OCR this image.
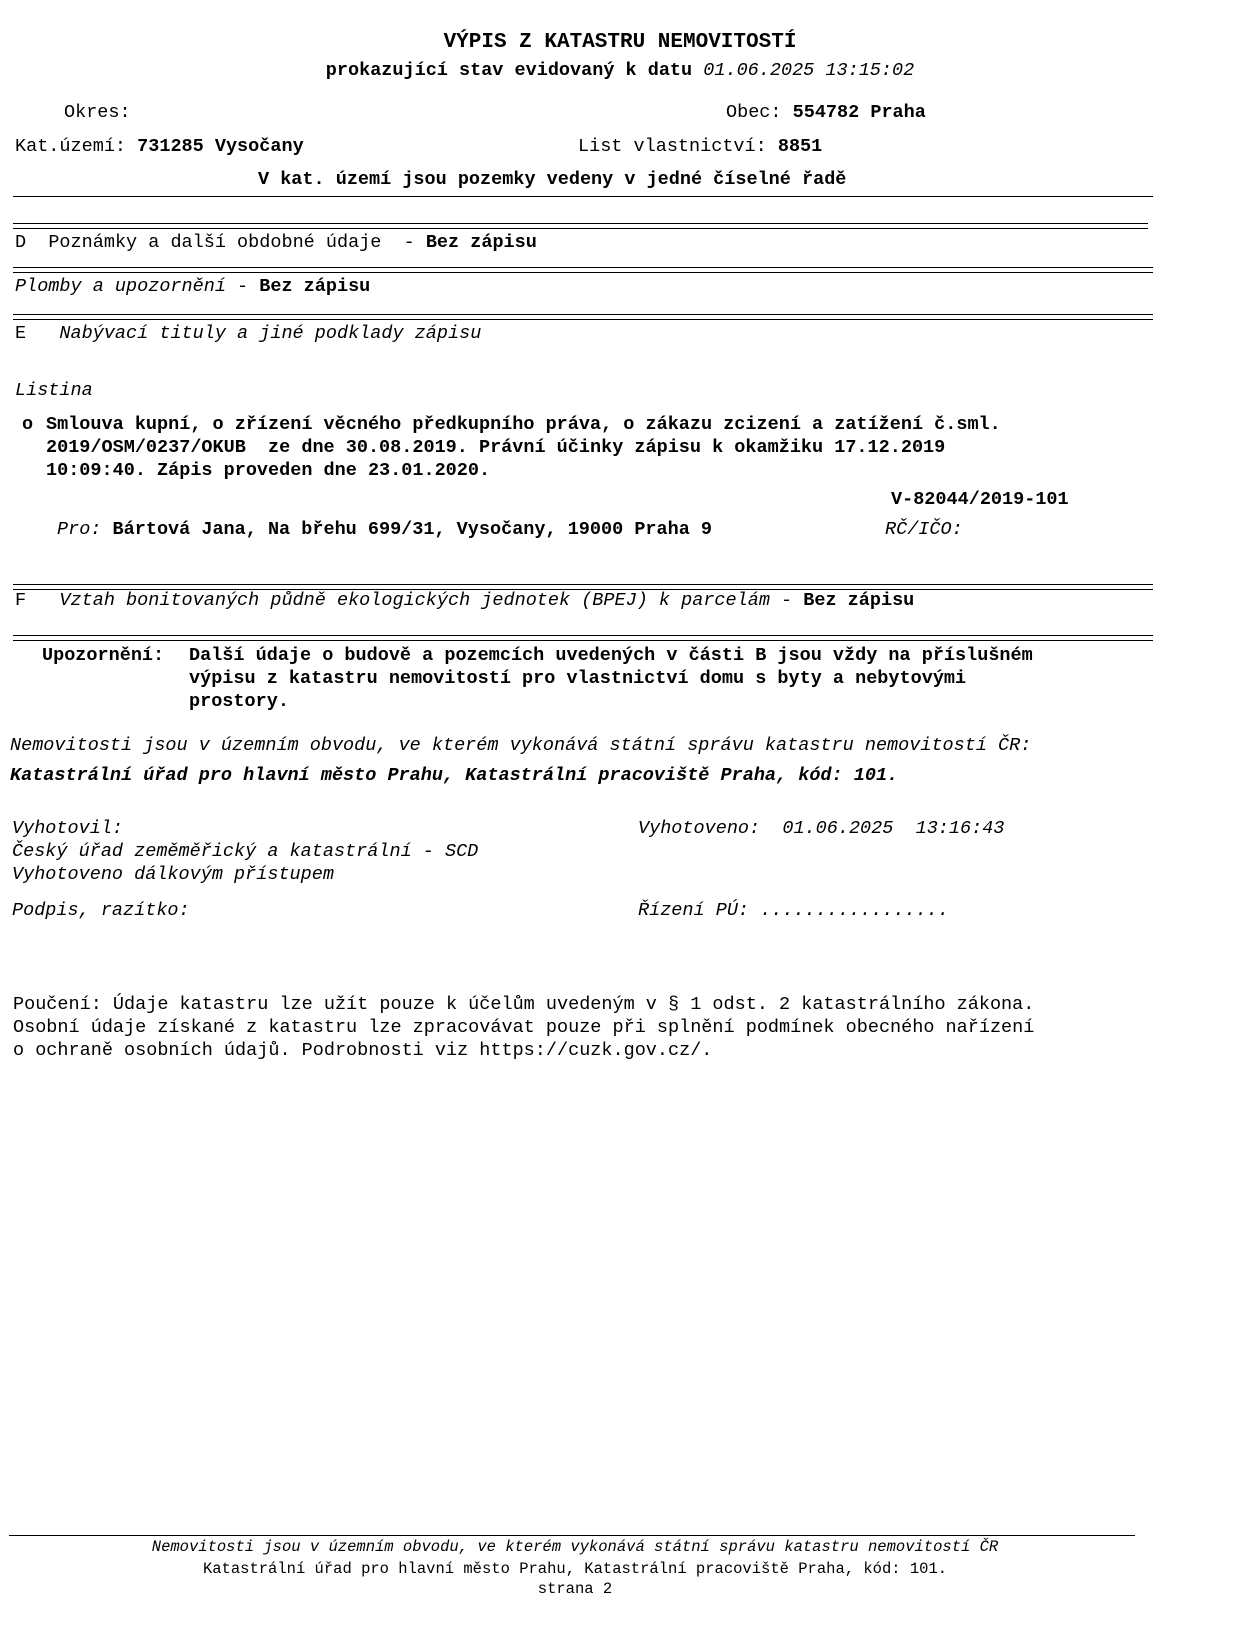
VÝPIS Z KATASTRU NEMOVITOSTÍ
prokazující stav evidovaný k datu 01.06.2025 13:15:02
Okres:	Obec: 554782 Praha
Kat.území: 731285 Vysočany	List vlastnictví: 8851
V kat. území jsou pozemky vedeny v jedné číselné řadě
D Poznámky a další obdobné údaje - Bez zápisu
Plomby a upozornění - Bez zápisu
E Nabývací tituly a jiné podklady zápisu
Listina
o Smlouva kupní, o zřízení věcného předkupního práva, o zákazu zcizení a zatížení č.sml.
2019/OSM/0237/OKUB  ze dne 30.08.2019. Právní účinky zápisu k okamžiku 17.12.2019
10:09:40. Zápis proveden dne 23.01.2020.
V-82044/2019-101
Pro: Bártová Jana, Na břehu 699/31, Vysočany, 19000 Praha 9	RČ/IČO:
F Vztah bonitovaných půdně ekologických jednotek (BPEJ) k parcelám - Bez zápisu
Upozornění: Další údaje o budově a pozemcích uvedených v části B jsou vždy na příslušném
výpisu z katastru nemovitostí pro vlastnictví domu s byty a nebytovými
prostory.
Nemovitosti jsou v územním obvodu, ve kterém vykonává státní správu katastru nemovitostí ČR:
Katastrální úřad pro hlavní město Prahu, Katastrální pracoviště Praha, kód: 101.
Vyhotovil:
Český úřad zeměměřický a katastrální - SCD
Vyhotoveno dálkovým přístupem
Vyhotoveno: 01.06.2025 13:16:43
Podpis, razítko:	Řízení PÚ: .................
Poučení: Údaje katastru lze užít pouze k účelům uvedeným v § 1 odst. 2 katastrálního zákona.
Osobní údaje získané z katastru lze zpracovávat pouze při splnění podmínek obecného nařízení
o ochraně osobních údajů. Podrobnosti viz https://cuzk.gov.cz/.
Nemovitosti jsou v územním obvodu, ve kterém vykonává státní správu katastru nemovitostí ČR
Katastrální úřad pro hlavní město Prahu, Katastrální pracoviště Praha, kód: 101.
strana 2
